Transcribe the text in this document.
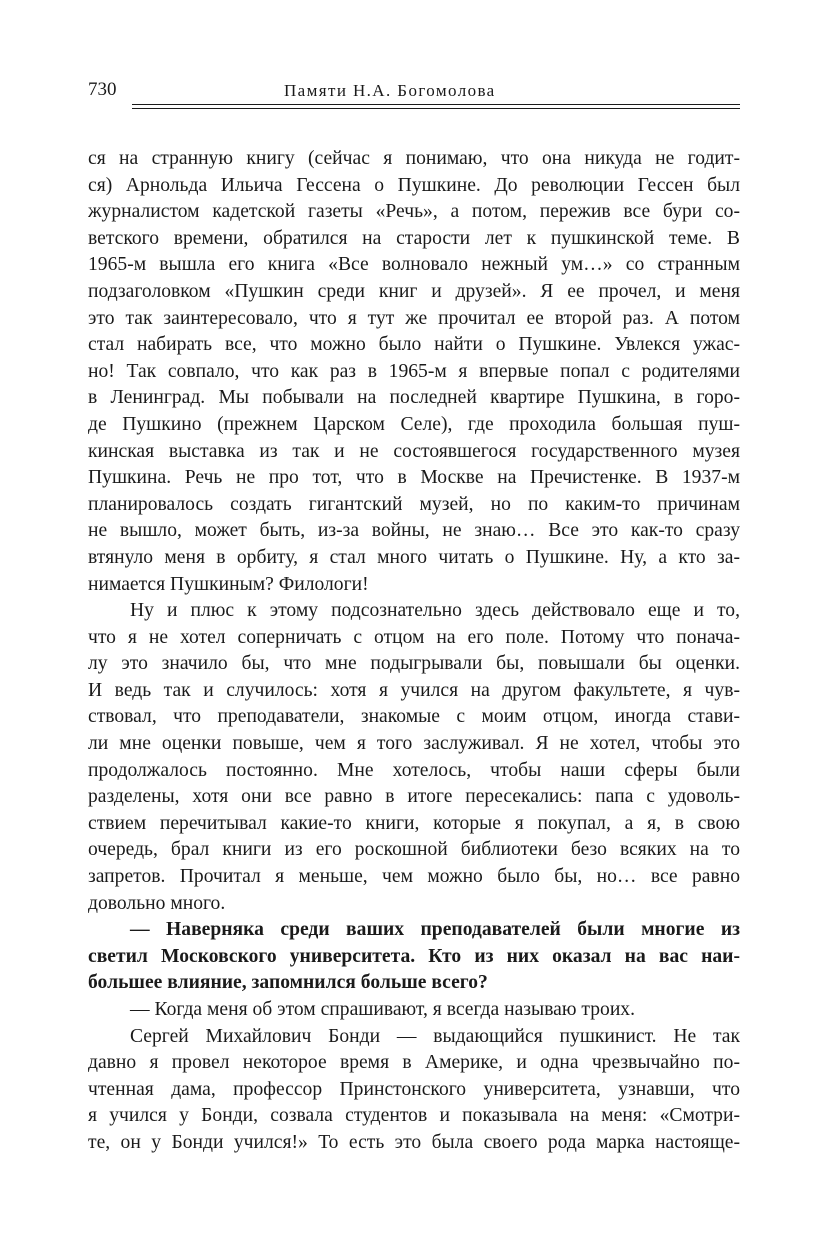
730	Памяти Н.А. Богомолова
ся на странную книгу (сейчас я понимаю, что она никуда не годит-
ся) Арнольда Ильича Гессена о Пушкине. До революции Гессен был
журналистом кадетской газеты «Речь», а потом, пережив все бури со-
ветского времени, обратился на старости лет к пушкинской теме. В
1965-м вышла его книга «Все волновало нежный ум…» со странным
подзаголовком «Пушкин среди книг и друзей». Я ее прочел, и меня
это так заинтересовало, что я тут же прочитал ее второй раз. А потом
стал набирать все, что можно было найти о Пушкине. Увлекся ужас-
но! Так совпало, что как раз в 1965-м я впервые попал с родителями
в Ленинград. Мы побывали на последней квартире Пушкина, в горо-
де Пушкино (прежнем Царском Селе), где проходила большая пуш-
кинская выставка из так и не состоявшегося государственного музея
Пушкина. Речь не про тот, что в Москве на Пречистенке. В 1937-м
планировалось создать гигантский музей, но по каким-то причинам
не вышло, может быть, из-за войны, не знаю… Все это как-то сразу
втянуло меня в орбиту, я стал много читать о Пушкине. Ну, а кто за-
нимается Пушкиным? Филологи!
Ну и плюс к этому подсознательно здесь действовало еще и то,
что я не хотел соперничать с отцом на его поле. Потому что понача-
лу это значило бы, что мне подыгрывали бы, повышали бы оценки.
И ведь так и случилось: хотя я учился на другом факультете, я чув-
ствовал, что преподаватели, знакомые с моим отцом, иногда стави-
ли мне оценки повыше, чем я того заслуживал. Я не хотел, чтобы это
продолжалось постоянно. Мне хотелось, чтобы наши сферы были
разделены, хотя они все равно в итоге пересекались: папа с удоволь-
ствием перечитывал какие-то книги, которые я покупал, а я, в свою
очередь, брал книги из его роскошной библиотеки безо всяких на то
запретов. Прочитал я меньше, чем можно было бы, но… все равно
довольно много.
— Наверняка среди ваших преподавателей были многие из
светил Московского университета. Кто из них оказал на вас наи-
большее влияние, запомнился больше всего?
— Когда меня об этом спрашивают, я всегда называю троих.
Сергей Михайлович Бонди — выдающийся пушкинист. Не так
давно я провел некоторое время в Америке, и одна чрезвычайно по-
чтенная дама, профессор Принстонского университета, узнавши, что
я учился у Бонди, созвала студентов и показывала на меня: «Смотри-
те, он у Бонди учился!» То есть это была своего рода марка настояще-
